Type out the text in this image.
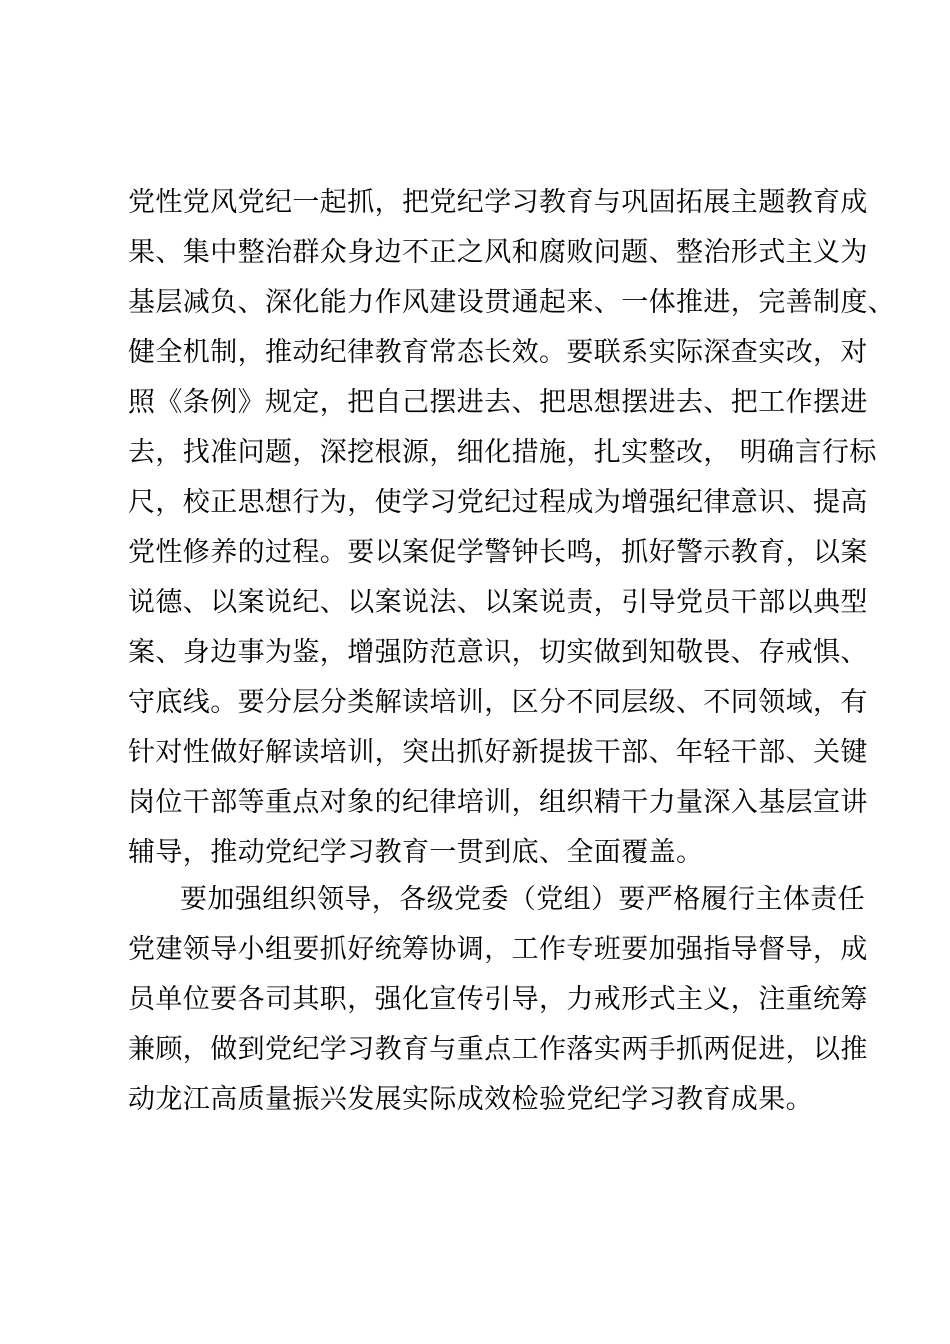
党性党风党纪一起抓，把党纪学习教育与巩固拓展主题教育成
果、集中整治群众身边不正之风和腐败问题、整治形式主义为
基层减负、深化能力作风建设贯通起来、一体推进，完善制度、
健全机制，推动纪律教育常态长效。要联系实际深查实改，对
照《条例》规定，把自己摆进去、把思想摆进去、把工作摆进
去，找准问题，深挖根源，细化措施，扎实整改， 明确言行标
尺，校正思想行为，使学习党纪过程成为增强纪律意识、提高
党性修养的过程。要以案促学警钟长鸣，抓好警示教育，以案
说德、以案说纪、以案说法、以案说责，引导党员干部以典型
案、身边事为鉴，增强防范意识，切实做到知敬畏、存戒惧、
守底线。要分层分类解读培训，区分不同层级、不同领域，有
针对性做好解读培训，突出抓好新提拔干部、年轻干部、关键
岗位干部等重点对象的纪律培训，组织精干力量深入基层宣讲
辅导，推动党纪学习教育一贯到底、全面覆盖。
要加强组织领导，各级党委（党组）要严格履行主体责任
党建领导小组要抓好统筹协调，工作专班要加强指导督导，成
员单位要各司其职，强化宣传引导，力戒形式主义，注重统筹
兼顾，做到党纪学习教育与重点工作落实两手抓两促进，以推
动龙江高质量振兴发展实际成效检验党纪学习教育成果。
